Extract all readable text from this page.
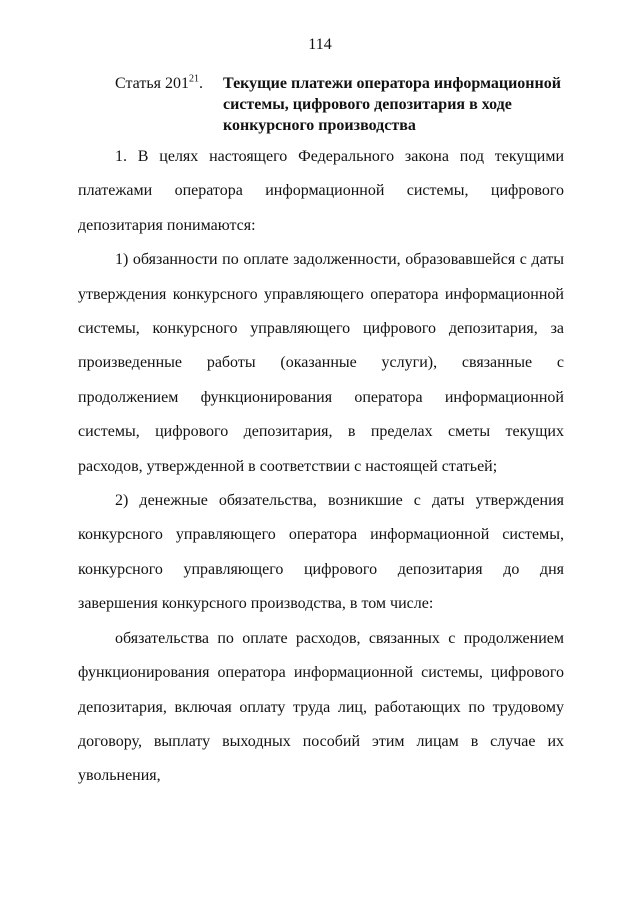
114
Статья $201^{21}$. Текущие платежи оператора информационной системы, цифрового депозитария в ходе конкурсного производства

1. В целях настоящего Федерального закона под текущими платежами оператора информационной системы, цифрового депозитария понимаются:

1) обязанности по оплате задолженности, образовавшейся с даты утверждения конкурсного управляющего оператора информационной системы, конкурсного управляющего цифрового депозитария, за произведенные работы (оказанные услуги), связанные с продолжением функционирования оператора информационной системы, цифрового депозитария, в пределах сметы текущих расходов, утвержденной в соответствии с настоящей статьей;

2) денежные обязательства, возникшие с даты утверждения конкурсного управляющего оператора информационной системы, конкурсного управляющего цифрового депозитария до дня завершения конкурсного производства, в том числе:

обязательства по оплате расходов, связанных с продолжением функционирования оператора информационной системы, цифрового депозитария, включая оплату труда лиц, работающих по трудовому договору, выплату выходных пособий этим лицам в случае их увольнения,
